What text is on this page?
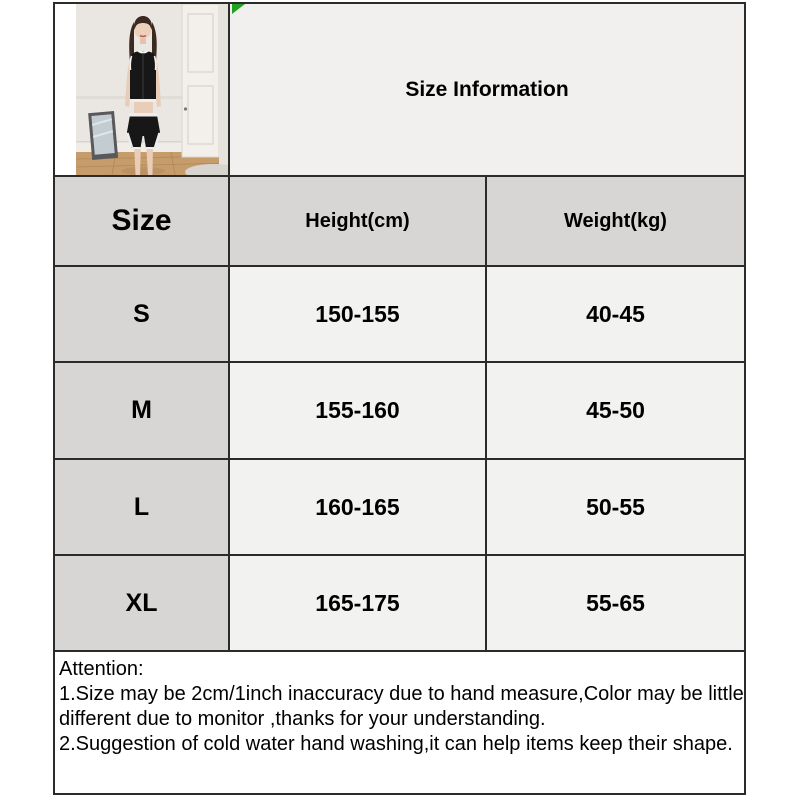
Size Information
Size	Height(cm)	Weight(kg)
S	150-155	40-45
M	155-160	45-50
L	160-165	50-55
XL	165-175	55-65
Attention:
1.Size may be 2cm/1inch inaccuracy due to hand measure,Color may be little different due to monitor ,thanks for your understanding.
2.Suggestion of cold water hand washing,it can help items keep their shape.
